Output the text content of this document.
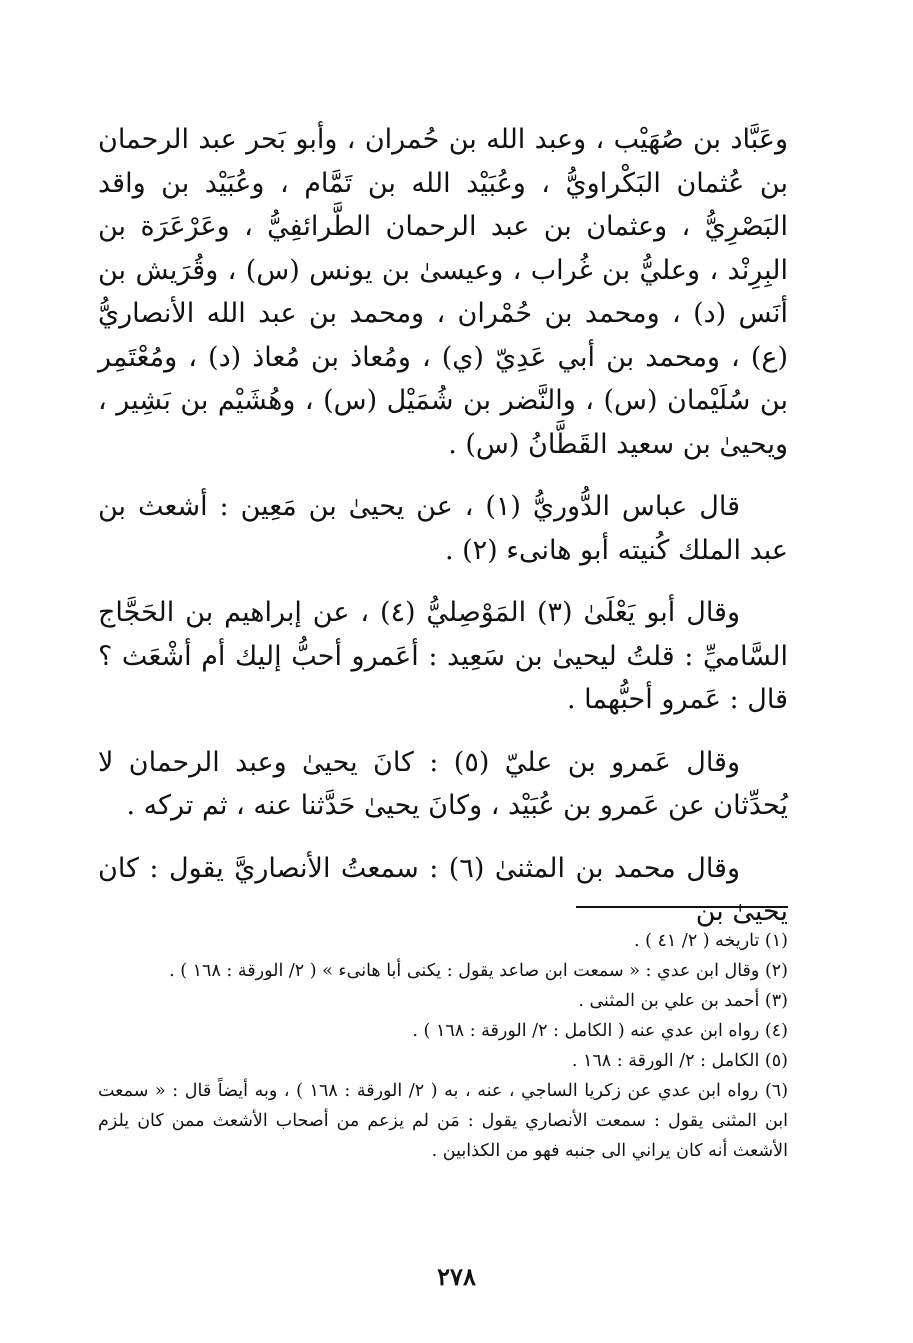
وعَبَّاد بن صُهَيْب ، وعبد الله بن حُمران ، وأبو بَحر عبد الرحمان بن عُثمان البَكْراويُّ ، وعُبَيْد الله بن تَمَّام ، وعُبَيْد بن واقد البَصْرِيُّ ، وعثمان بن عبد الرحمان الطَّرائفِيُّ ، وعَرْعَرَة بن البِرِنْد ، وعليُّ بن غُراب ، وعيسىٰ بن يونس (س) ، وقُرَيش بن أنَس (د) ، ومحمد بن حُمْران ، ومحمد بن عبد الله الأنصاريُّ (ع) ، ومحمد بن أبي عَدِيّ (ي) ، ومُعاذ بن مُعاذ (د) ، ومُعْتَمِر بن سُلَيْمان (س) ، والنَّضر بن شُمَيْل (س) ، وهُشَيْم بن بَشِير ، ويحيىٰ بن سعيد القَطَّانُ (س) .

قال عباس الدُّوريُّ (١) ، عن يحيىٰ بن مَعِين : أشعث بن عبد الملك كُنيته أبو هانىء (٢) .

وقال أبو يَعْلَىٰ (٣) المَوْصِليُّ (٤) ، عن إبراهيم بن الحَجَّاج السَّاميِّ : قلتُ ليحيىٰ بن سَعِيد : أعَمرو أحبُّ إليك أم أشْعَث ؟ قال : عَمرو أحبُّهما .

وقال عَمرو بن عليّ (٥) : كانَ يحيىٰ وعبد الرحمان لا يُحدِّثان عن عَمرو بن عُبَيْد ، وكانَ يحيىٰ حَدَّثنا عنه ، ثم تركه .

وقال محمد بن المثنىٰ (٦) : سمعتُ الأنصاريَّ يقول : كان يحيىٰ بن

(١) تاريخه ( ٢/ ٤١ ) .
(٢) وقال ابن عدي : « سمعت ابن صاعد يقول : يكنى أبا هانىء » ( ٢/ الورقة : ١٦٨ ) .
(٣) أحمد بن علي بن المثنى .
(٤) رواه ابن عدي عنه ( الكامل : ٢/ الورقة : ١٦٨ ) .
(٥) الكامل : ٢/ الورقة : ١٦٨ .
(٦) رواه ابن عدي عن زكريا الساجي ، عنه ، به ( ٢/ الورقة : ١٦٨ ) ، وبه أيضاً قال : « سمعت ابن المثنى يقول : سمعت الأنصاري يقول : مَن لم يزعم من أصحاب الأشعث ممن كان يلزم الأشعث أنه كان يراني الى جنبه فهو من الكذابين .
٢٧٨
